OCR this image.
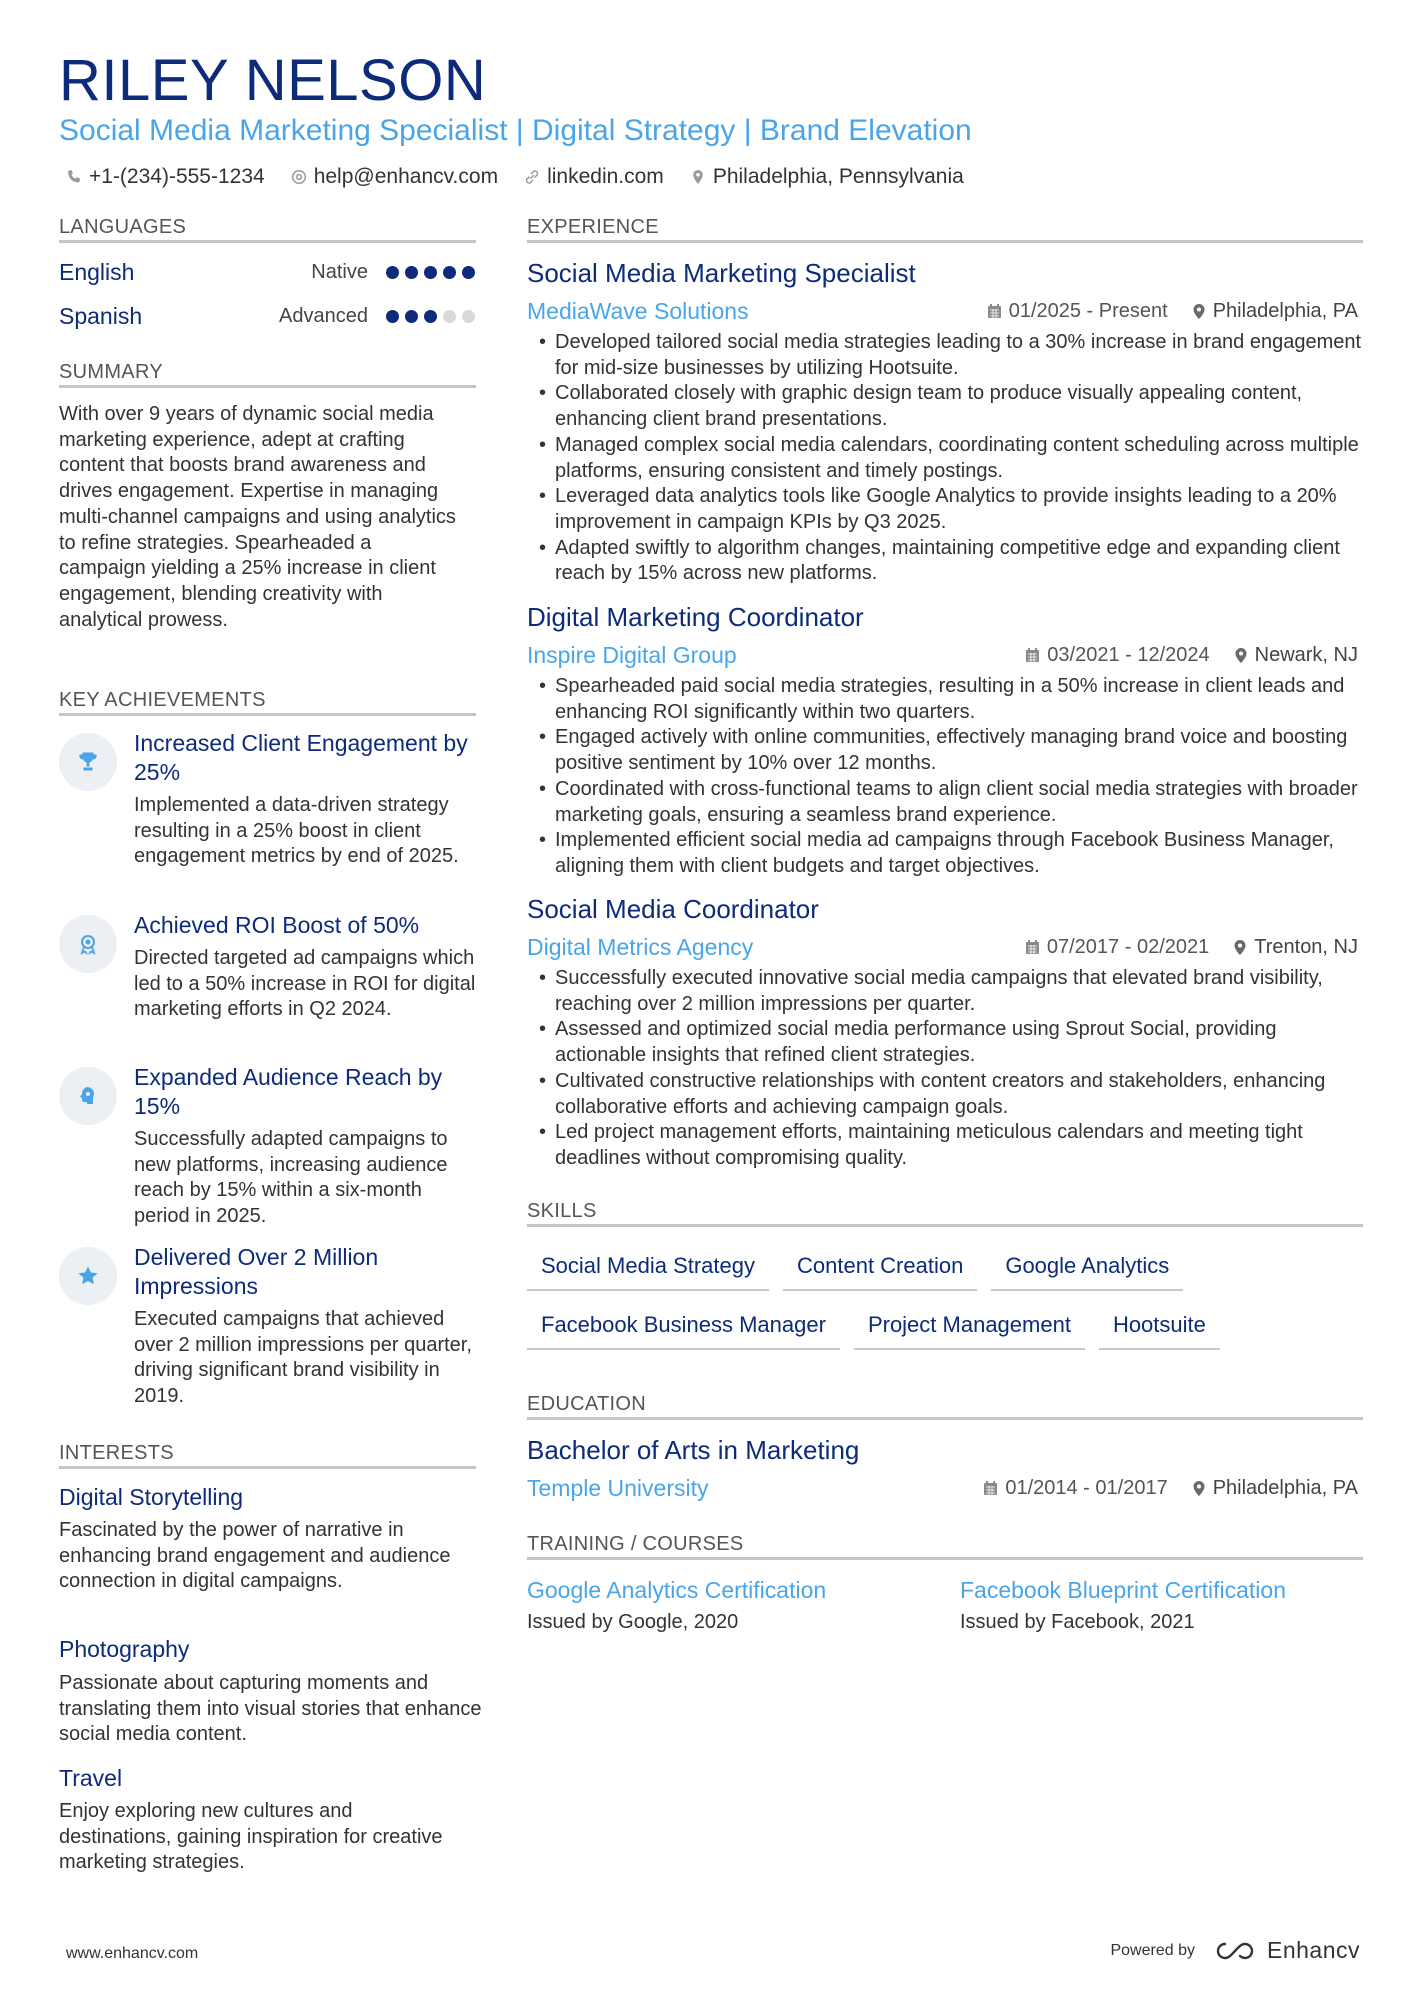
RILEY NELSON
Social Media Marketing Specialist | Digital Strategy | Brand Elevation
+1-(234)-555-1234 help@enhancv.com linkedin.com Philadelphia, Pennsylvania
LANGUAGES
English	Native
Spanish	Advanced
SUMMARY
With over 9 years of dynamic social media marketing experience, adept at crafting content that boosts brand awareness and drives engagement. Expertise in managing multi-channel campaigns and using analytics to refine strategies. Spearheaded a campaign yielding a 25% increase in client engagement, blending creativity with analytical prowess.
KEY ACHIEVEMENTS
Increased Client Engagement by 25%
Implemented a data-driven strategy resulting in a 25% boost in client engagement metrics by end of 2025.
Achieved ROI Boost of 50%
Directed targeted ad campaigns which led to a 50% increase in ROI for digital marketing efforts in Q2 2024.
Expanded Audience Reach by 15%
Successfully adapted campaigns to new platforms, increasing audience reach by 15% within a six-month period in 2025.
Delivered Over 2 Million Impressions
Executed campaigns that achieved over 2 million impressions per quarter, driving significant brand visibility in 2019.
INTERESTS
Digital Storytelling
Fascinated by the power of narrative in enhancing brand engagement and audience connection in digital campaigns.
Photography
Passionate about capturing moments and translating them into visual stories that enhance social media content.
Travel
Enjoy exploring new cultures and destinations, gaining inspiration for creative marketing strategies.
EXPERIENCE
Social Media Marketing Specialist
MediaWave Solutions	01/2025 - Present Philadelphia, PA
• Developed tailored social media strategies leading to a 30% increase in brand engagement for mid-size businesses by utilizing Hootsuite.
• Collaborated closely with graphic design team to produce visually appealing content, enhancing client brand presentations.
• Managed complex social media calendars, coordinating content scheduling across multiple platforms, ensuring consistent and timely postings.
• Leveraged data analytics tools like Google Analytics to provide insights leading to a 20% improvement in campaign KPIs by Q3 2025.
• Adapted swiftly to algorithm changes, maintaining competitive edge and expanding client reach by 15% across new platforms.
Digital Marketing Coordinator
Inspire Digital Group	03/2021 - 12/2024 Newark, NJ
• Spearheaded paid social media strategies, resulting in a 50% increase in client leads and enhancing ROI significantly within two quarters.
• Engaged actively with online communities, effectively managing brand voice and boosting positive sentiment by 10% over 12 months.
• Coordinated with cross-functional teams to align client social media strategies with broader marketing goals, ensuring a seamless brand experience.
• Implemented efficient social media ad campaigns through Facebook Business Manager, aligning them with client budgets and target objectives.
Social Media Coordinator
Digital Metrics Agency	07/2017 - 02/2021 Trenton, NJ
• Successfully executed innovative social media campaigns that elevated brand visibility, reaching over 2 million impressions per quarter.
• Assessed and optimized social media performance using Sprout Social, providing actionable insights that refined client strategies.
• Cultivated constructive relationships with content creators and stakeholders, enhancing collaborative efforts and achieving campaign goals.
• Led project management efforts, maintaining meticulous calendars and meeting tight deadlines without compromising quality.
SKILLS
Social Media Strategy	Content Creation	Google Analytics
Facebook Business Manager	Project Management	Hootsuite
EDUCATION
Bachelor of Arts in Marketing
Temple University	01/2014 - 01/2017 Philadelphia, PA
TRAINING / COURSES
Google Analytics Certification
Issued by Google, 2020
Facebook Blueprint Certification
Issued by Facebook, 2021
www.enhancv.com	Powered by	Enhancv
